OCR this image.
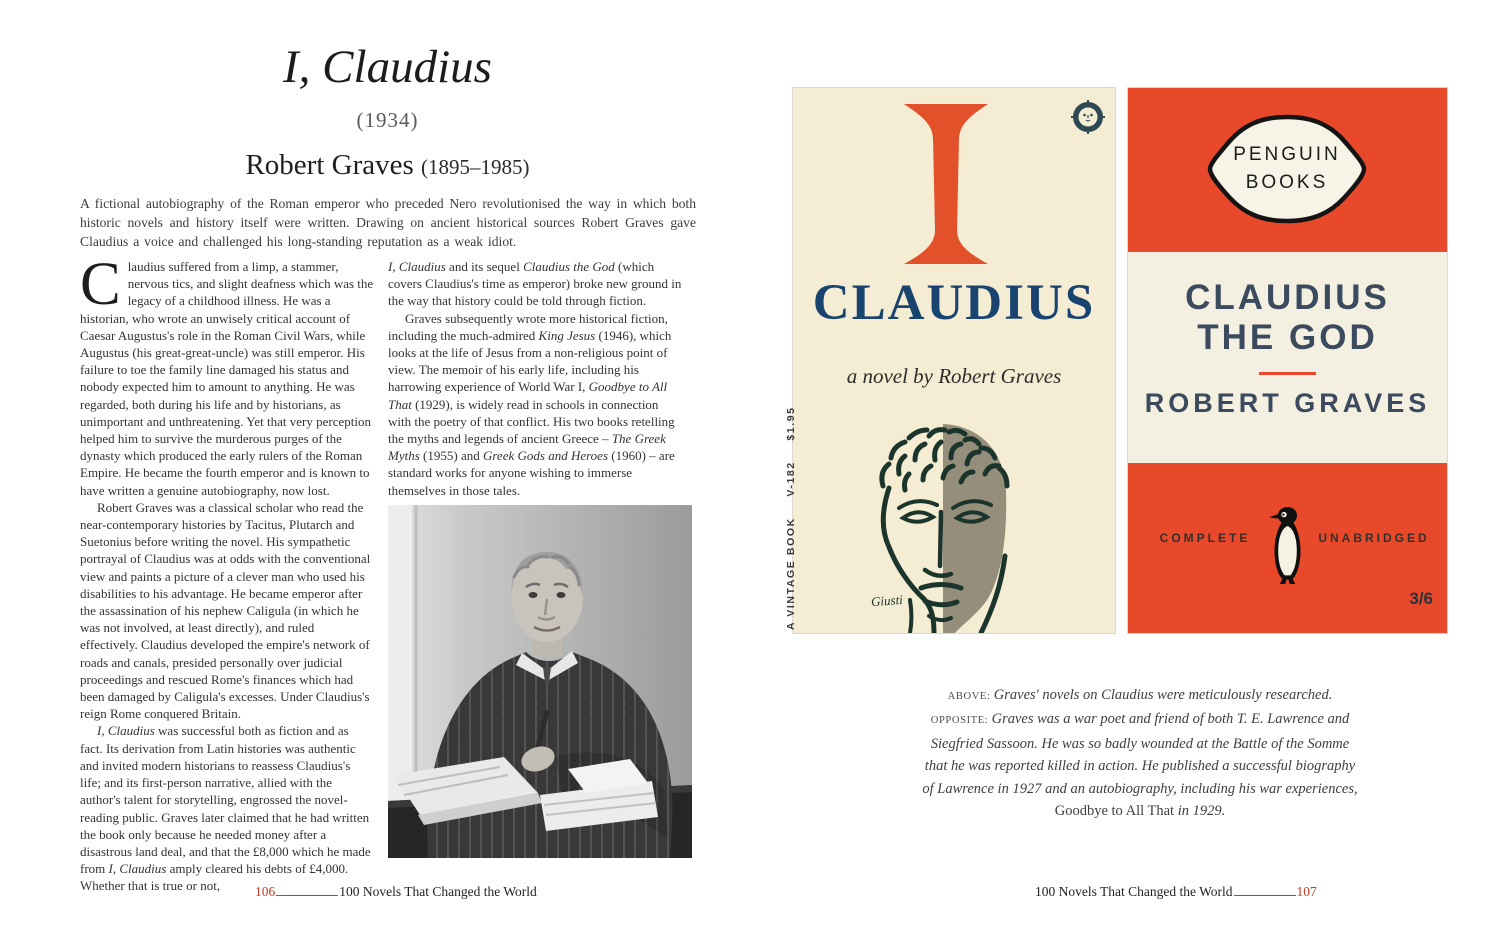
I, Claudius
(1934)
Robert Graves (1895–1985)
A fictional autobiography of the Roman emperor who preceded Nero revolutionised the way in which both historic novels and history itself were written. Drawing on ancient historical sources Robert Graves gave Claudius a voice and challenged his long-standing reputation as a weak idiot.

Claudius suffered from a limp, a stammer, nervous tics, and slight deafness which was the legacy of a childhood illness. He was a historian, who wrote an unwisely critical account of Caesar Augustus's role in the Roman Civil Wars, while Augustus (his great-great-uncle) was still emperor. His failure to toe the family line damaged his status and nobody expected him to amount to anything. He was regarded, both during his life and by historians, as unimportant and unthreatening. Yet that very perception helped him to survive the murderous purges of the dynasty which produced the early rulers of the Roman Empire. He became the fourth emperor and is known to have written a genuine autobiography, now lost.

Robert Graves was a classical scholar who read the near-contemporary histories by Tacitus, Plutarch and Suetonius before writing the novel. His sympathetic portrayal of Claudius was at odds with the conventional view and paints a picture of a clever man who used his disabilities to his advantage. He became emperor after the assassination of his nephew Caligula (in which he was not involved, at least directly), and ruled effectively. Claudius developed the empire's network of roads and canals, presided personally over judicial proceedings and rescued Rome's finances which had been damaged by Caligula's excesses. Under Claudius's reign Rome conquered Britain.

I, Claudius was successful both as fiction and as fact. Its derivation from Latin histories was authentic and invited modern historians to reassess Claudius's life; and its first-person narrative, allied with the author's talent for storytelling, engrossed the novel-reading public. Graves later claimed that he had written the book only because he needed money after a disastrous land deal, and that the £8,000 which he made from I, Claudius amply cleared his debts of £4,000. Whether that is true or not,

I, Claudius and its sequel Claudius the God (which covers Claudius's time as emperor) broke new ground in the way that history could be told through fiction.

Graves subsequently wrote more historical fiction, including the much-admired King Jesus (1946), which looks at the life of Jesus from a non-religious point of view. The memoir of his early life, including his harrowing experience of World War I, Goodbye to All That (1929), is widely read in schools in connection with the poetry of that conflict. His two books retelling the myths and legends of ancient Greece – The Greek Myths (1955) and Greek Gods and Heroes (1960) – are standard works for anyone wishing to immerse themselves in those tales.

CLAUDIUS
a novel by Robert Graves
Giusti
A VINTAGE BOOK V-182 $1.95
PENGUIN
BOOKS
CLAUDIUS
THE GOD
ROBERT GRAVES
COMPLETE	UNABRIDGED
3/6
ABOVE: Graves' novels on Claudius were meticulously researched. OPPOSITE: Graves was a war poet and friend of both T. E. Lawrence and Siegfried Sassoon. He was so badly wounded at the Battle of the Somme that he was reported killed in action. He published a successful biography of Lawrence in 1927 and an autobiography, including his war experiences, Goodbye to All That in 1929.
106	100 Novels That Changed the World	100 Novels That Changed the World	107
